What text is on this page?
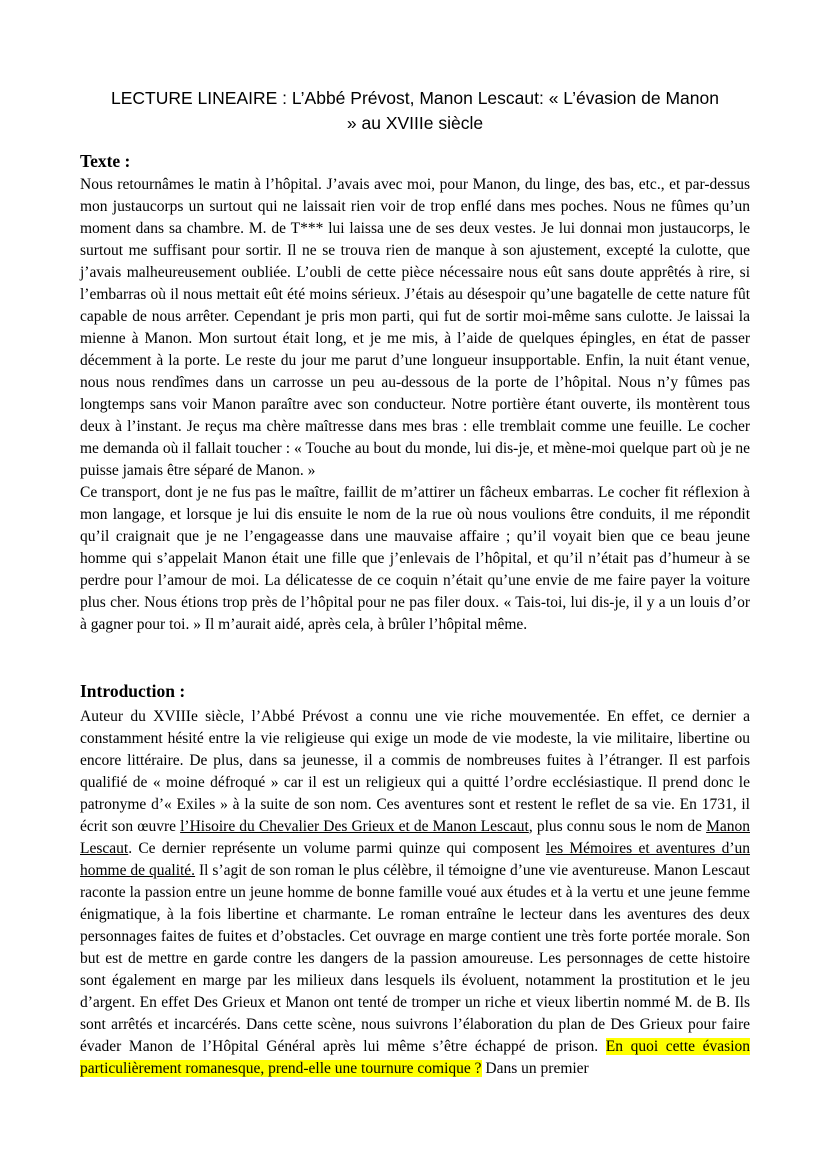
LECTURE LINEAIRE : L’Abbé Prévost, Manon Lescaut: « L’évasion de Manon » au XVIIIe siècle
Texte :

Nous retournâmes le matin à l’hôpital. J’avais avec moi, pour Manon, du linge, des bas, etc., et par-dessus mon justaucorps un surtout qui ne laissait rien voir de trop enflé dans mes poches. Nous ne fûmes qu’un moment dans sa chambre. M. de T*** lui laissa une de ses deux vestes. Je lui donnai mon justaucorps, le surtout me suffisant pour sortir. Il ne se trouva rien de manque à son ajustement, excepté la culotte, que j’avais malheureusement oubliée. L’oubli de cette pièce nécessaire nous eût sans doute apprêtés à rire, si l’embarras où il nous mettait eût été moins sérieux. J’étais au désespoir qu’une bagatelle de cette nature fût capable de nous arrêter. Cependant je pris mon parti, qui fut de sortir moi-même sans culotte. Je laissai la mienne à Manon. Mon surtout était long, et je me mis, à l’aide de quelques épingles, en état de passer décemment à la porte. Le reste du jour me parut d’une longueur insupportable. Enfin, la nuit étant venue, nous nous rendîmes dans un carrosse un peu au-dessous de la porte de l’hôpital. Nous n’y fûmes pas longtemps sans voir Manon paraître avec son conducteur. Notre portière étant ouverte, ils montèrent tous deux à l’instant. Je reçus ma chère maîtresse dans mes bras : elle tremblait comme une feuille. Le cocher me demanda où il fallait toucher : « Touche au bout du monde, lui dis-je, et mène-moi quelque part où je ne puisse jamais être séparé de Manon. »

Ce transport, dont je ne fus pas le maître, faillit de m’attirer un fâcheux embarras. Le cocher fit réflexion à mon langage, et lorsque je lui dis ensuite le nom de la rue où nous voulions être conduits, il me répondit qu’il craignait que je ne l’engageasse dans une mauvaise affaire ; qu’il voyait bien que ce beau jeune homme qui s’appelait Manon était une fille que j’enlevais de l’hôpital, et qu’il n’était pas d’humeur à se perdre pour l’amour de moi. La délicatesse de ce coquin n’était qu’une envie de me faire payer la voiture plus cher. Nous étions trop près de l’hôpital pour ne pas filer doux. « Tais-toi, lui dis-je, il y a un louis d’or à gagner pour toi. » Il m’aurait aidé, après cela, à brûler l’hôpital même.

Introduction :

Auteur du XVIIIe siècle, l’Abbé Prévost a connu une vie riche mouvementée. En effet, ce dernier a constamment hésité entre la vie religieuse qui exige un mode de vie modeste, la vie militaire, libertine ou encore littéraire. De plus, dans sa jeunesse, il a commis de nombreuses fuites à l’étranger. Il est parfois qualifié de « moine défroqué » car il est un religieux qui a quitté l’ordre ecclésiastique. Il prend donc le patronyme d’« Exiles » à la suite de son nom. Ces aventures sont et restent le reflet de sa vie. En 1731, il écrit son œuvre l’Hisoire du Chevalier Des Grieux et de Manon Lescaut, plus connu sous le nom de Manon Lescaut. Ce dernier représente un volume parmi quinze qui composent les Mémoires et aventures d’un homme de qualité. Il s’agit de son roman le plus célèbre, il témoigne d’une vie aventureuse. Manon Lescaut raconte la passion entre un jeune homme de bonne famille voué aux études et à la vertu et une jeune femme énigmatique, à la fois libertine et charmante. Le roman entraîne le lecteur dans les aventures des deux personnages faites de fuites et d’obstacles. Cet ouvrage en marge contient une très forte portée morale. Son but est de mettre en garde contre les dangers de la passion amoureuse. Les personnages de cette histoire sont également en marge par les milieux dans lesquels ils évoluent, notamment la prostitution et le jeu d’argent. En effet Des Grieux et Manon ont tenté de tromper un riche et vieux libertin nommé M. de B. Ils sont arrêtés et incarcérés. Dans cette scène, nous suivrons l’élaboration du plan de Des Grieux pour faire évader Manon de l’Hôpital Général après lui même s’être échappé de prison. En quoi cette évasion particulièrement romanesque, prend-elle une tournure comique ? Dans un premier
